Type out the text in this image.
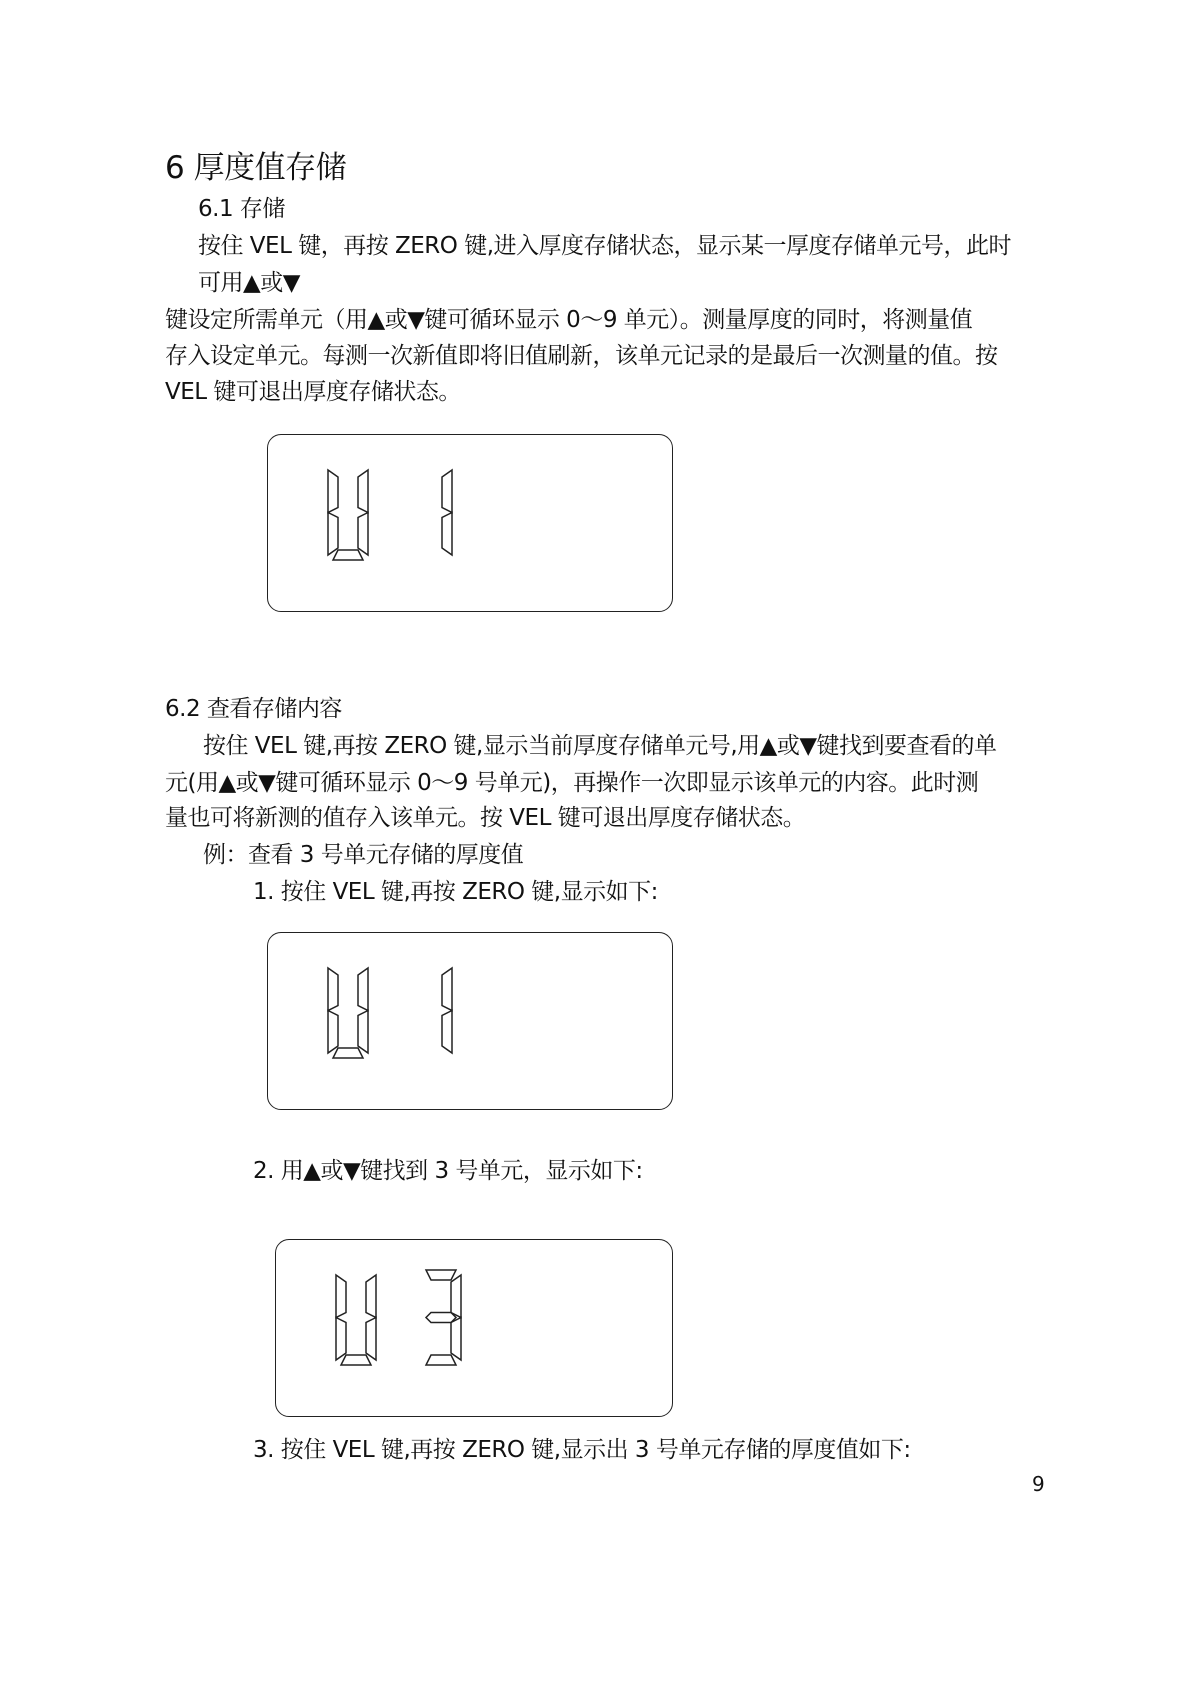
6 厚度值存储
6.1 存储
按住 VEL 键，再按 ZERO 键,进入厚度存储状态，显示某一厚度存储单元号，此时
可用▲或▼
键设定所需单元（用▲或▼键可循环显示 0～9 单元）。测量厚度的同时，将测量值
存入设定单元。每测一次新值即将旧值刷新，该单元记录的是最后一次测量的值。按
VEL 键可退出厚度存储状态。
6.2 查看存储内容
按住 VEL 键,再按 ZERO 键,显示当前厚度存储单元号,用▲或▼键找到要查看的单
元(用▲或▼键可循环显示 0～9 号单元)，再操作一次即显示该单元的内容。此时测
量也可将新测的值存入该单元。按 VEL 键可退出厚度存储状态。
例：查看 3 号单元存储的厚度值
1. 按住 VEL 键,再按 ZERO 键,显示如下:
2. 用▲或▼键找到 3 号单元，显示如下:
3. 按住 VEL 键,再按 ZERO 键,显示出 3 号单元存储的厚度值如下:
9
